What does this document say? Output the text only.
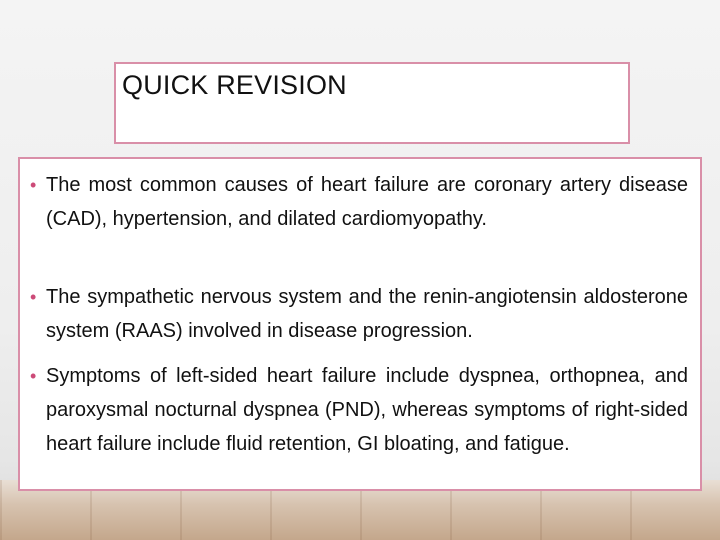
QUICK REVISION
• The most common causes of heart failure are coronary artery disease (CAD), hypertension, and dilated cardiomyopathy.
• The sympathetic nervous system and the renin-angiotensin aldosterone system (RAAS) involved in disease progression.
• Symptoms of left-sided heart failure include dyspnea, orthopnea, and paroxysmal nocturnal dyspnea (PND), whereas symptoms of right-sided heart failure include fluid retention, GI bloating, and fatigue.
